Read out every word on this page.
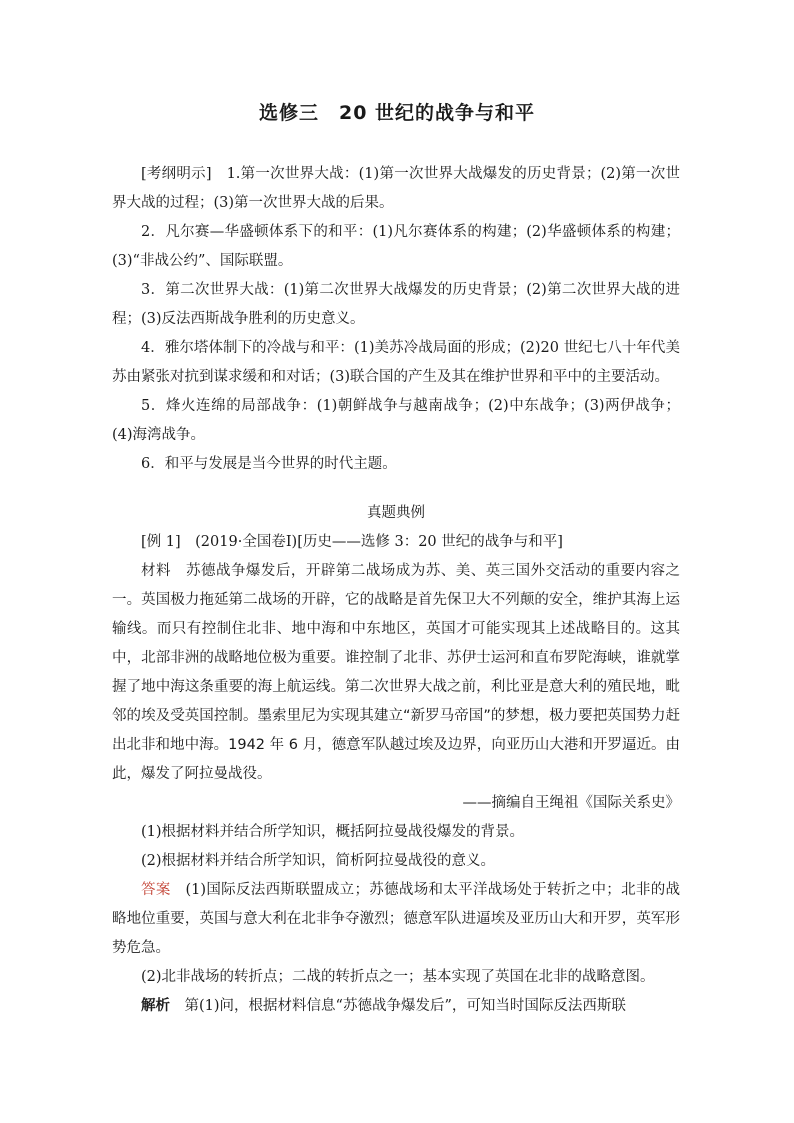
选修三　20 世纪的战争与和平

[考纲明示]　1.第一次世界大战：(1)第一次世界大战爆发的历史背景；(2)第一次世界大战的过程；(3)第一次世界大战的后果。

2．凡尔赛—华盛顿体系下的和平：(1)凡尔赛体系的构建；(2)华盛顿体系的构建；(3)“非战公约”、国际联盟。

3．第二次世界大战：(1)第二次世界大战爆发的历史背景；(2)第二次世界大战的进程；(3)反法西斯战争胜利的历史意义。

4．雅尔塔体制下的冷战与和平：(1)美苏冷战局面的形成；(2)20 世纪七八十年代美苏由紧张对抗到谋求缓和和对话；(3)联合国的产生及其在维护世界和平中的主要活动。

5．烽火连绵的局部战争：(1)朝鲜战争与越南战争；(2)中东战争；(3)两伊战争；(4)海湾战争。

6．和平与发展是当今世界的时代主题。

真题典例

[例 1]　(2019·全国卷Ⅰ)[历史——选修 3：20 世纪的战争与和平]

材料　 苏德战争爆发后，开辟第二战场成为苏、美、英三国外交活动的重要内容之一。英国极力拖延第二战场的开辟，它的战略是首先保卫大不列颠的安全，维护其海上运输线。而只有控制住北非、地中海和中东地区，英国才可能实现其上述战略目的。这其中，北部非洲的战略地位极为重要。谁控制了北非、苏伊士运河和直布罗陀海峡，谁就掌握了地中海这条重要的海上航运线。第二次世界大战之前，利比亚是意大利的殖民地，毗邻的埃及受英国控制。墨索里尼为实现其建立“新罗马帝国”的梦想，极力要把英国势力赶出北非和地中海。1942 年 6 月，德意军队越过埃及边界，向亚历山大港和开罗逼近。由此，爆发了阿拉曼战役。

——摘编自王绳祖《国际关系史》

(1)根据材料并结合所学知识，概括阿拉曼战役爆发的背景。

(2)根据材料并结合所学知识，简析阿拉曼战役的意义。

答案　 (1)国际反法西斯联盟成立；苏德战场和太平洋战场处于转折之中；北非的战略地位重要，英国与意大利在北非争夺激烈；德意军队进逼埃及亚历山大和开罗，英军形势危急。

(2)北非战场的转折点；二战的转折点之一；基本实现了英国在北非的战略意图。

解析　 第(1)问，根据材料信息“苏德战争爆发后”，可知当时国际反法西斯联
